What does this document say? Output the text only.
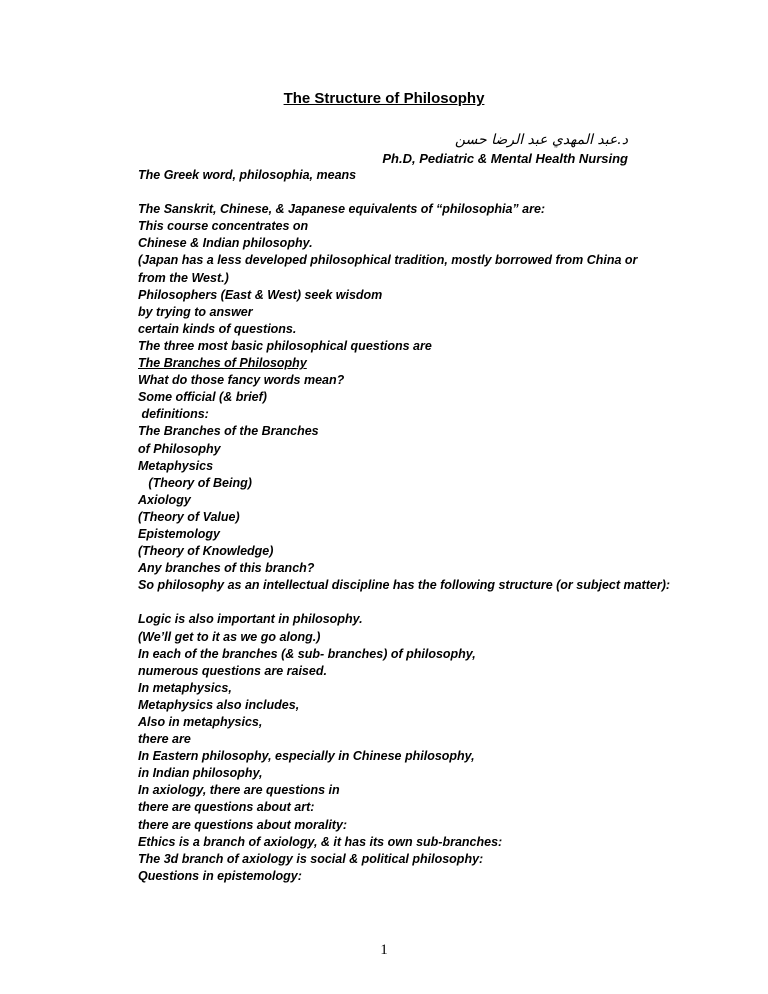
The Structure of Philosophy
د.عبد المهدي عبد الرضا حسن
Ph.D, Pediatric & Mental Health Nursing

The Greek word, philosophia, means

The Sanskrit, Chinese, & Japanese equivalents of “philosophia” are:

This course concentrates on

Chinese & Indian philosophy.

(Japan has a less developed philosophical tradition, mostly borrowed from China or from the West.)

Philosophers (East & West) seek wisdom

by trying to answer

certain kinds of questions.

The three most basic philosophical questions are

The Branches of Philosophy

What do those fancy words mean?

Some official (& brief)

definitions:

The Branches of the Branches

of Philosophy

Metaphysics

(Theory of Being)

Axiology

(Theory of Value)

Epistemology

(Theory of Knowledge)

Any branches of this branch?

So philosophy as an intellectual discipline has the following structure (or subject matter):

Logic is also important in philosophy.

(We’ll get to it as we go along.)

In each of the branches (& sub- branches) of philosophy,

numerous questions are raised.

In metaphysics,

Metaphysics also includes,

Also in metaphysics,

there are

In Eastern philosophy, especially in Chinese philosophy,

in Indian philosophy,

In axiology, there are questions in

there are questions about art:

there are questions about morality:

Ethics is a branch of axiology, & it has its own sub-branches:

The 3d branch of axiology is social & political philosophy:

Questions in epistemology:

1
